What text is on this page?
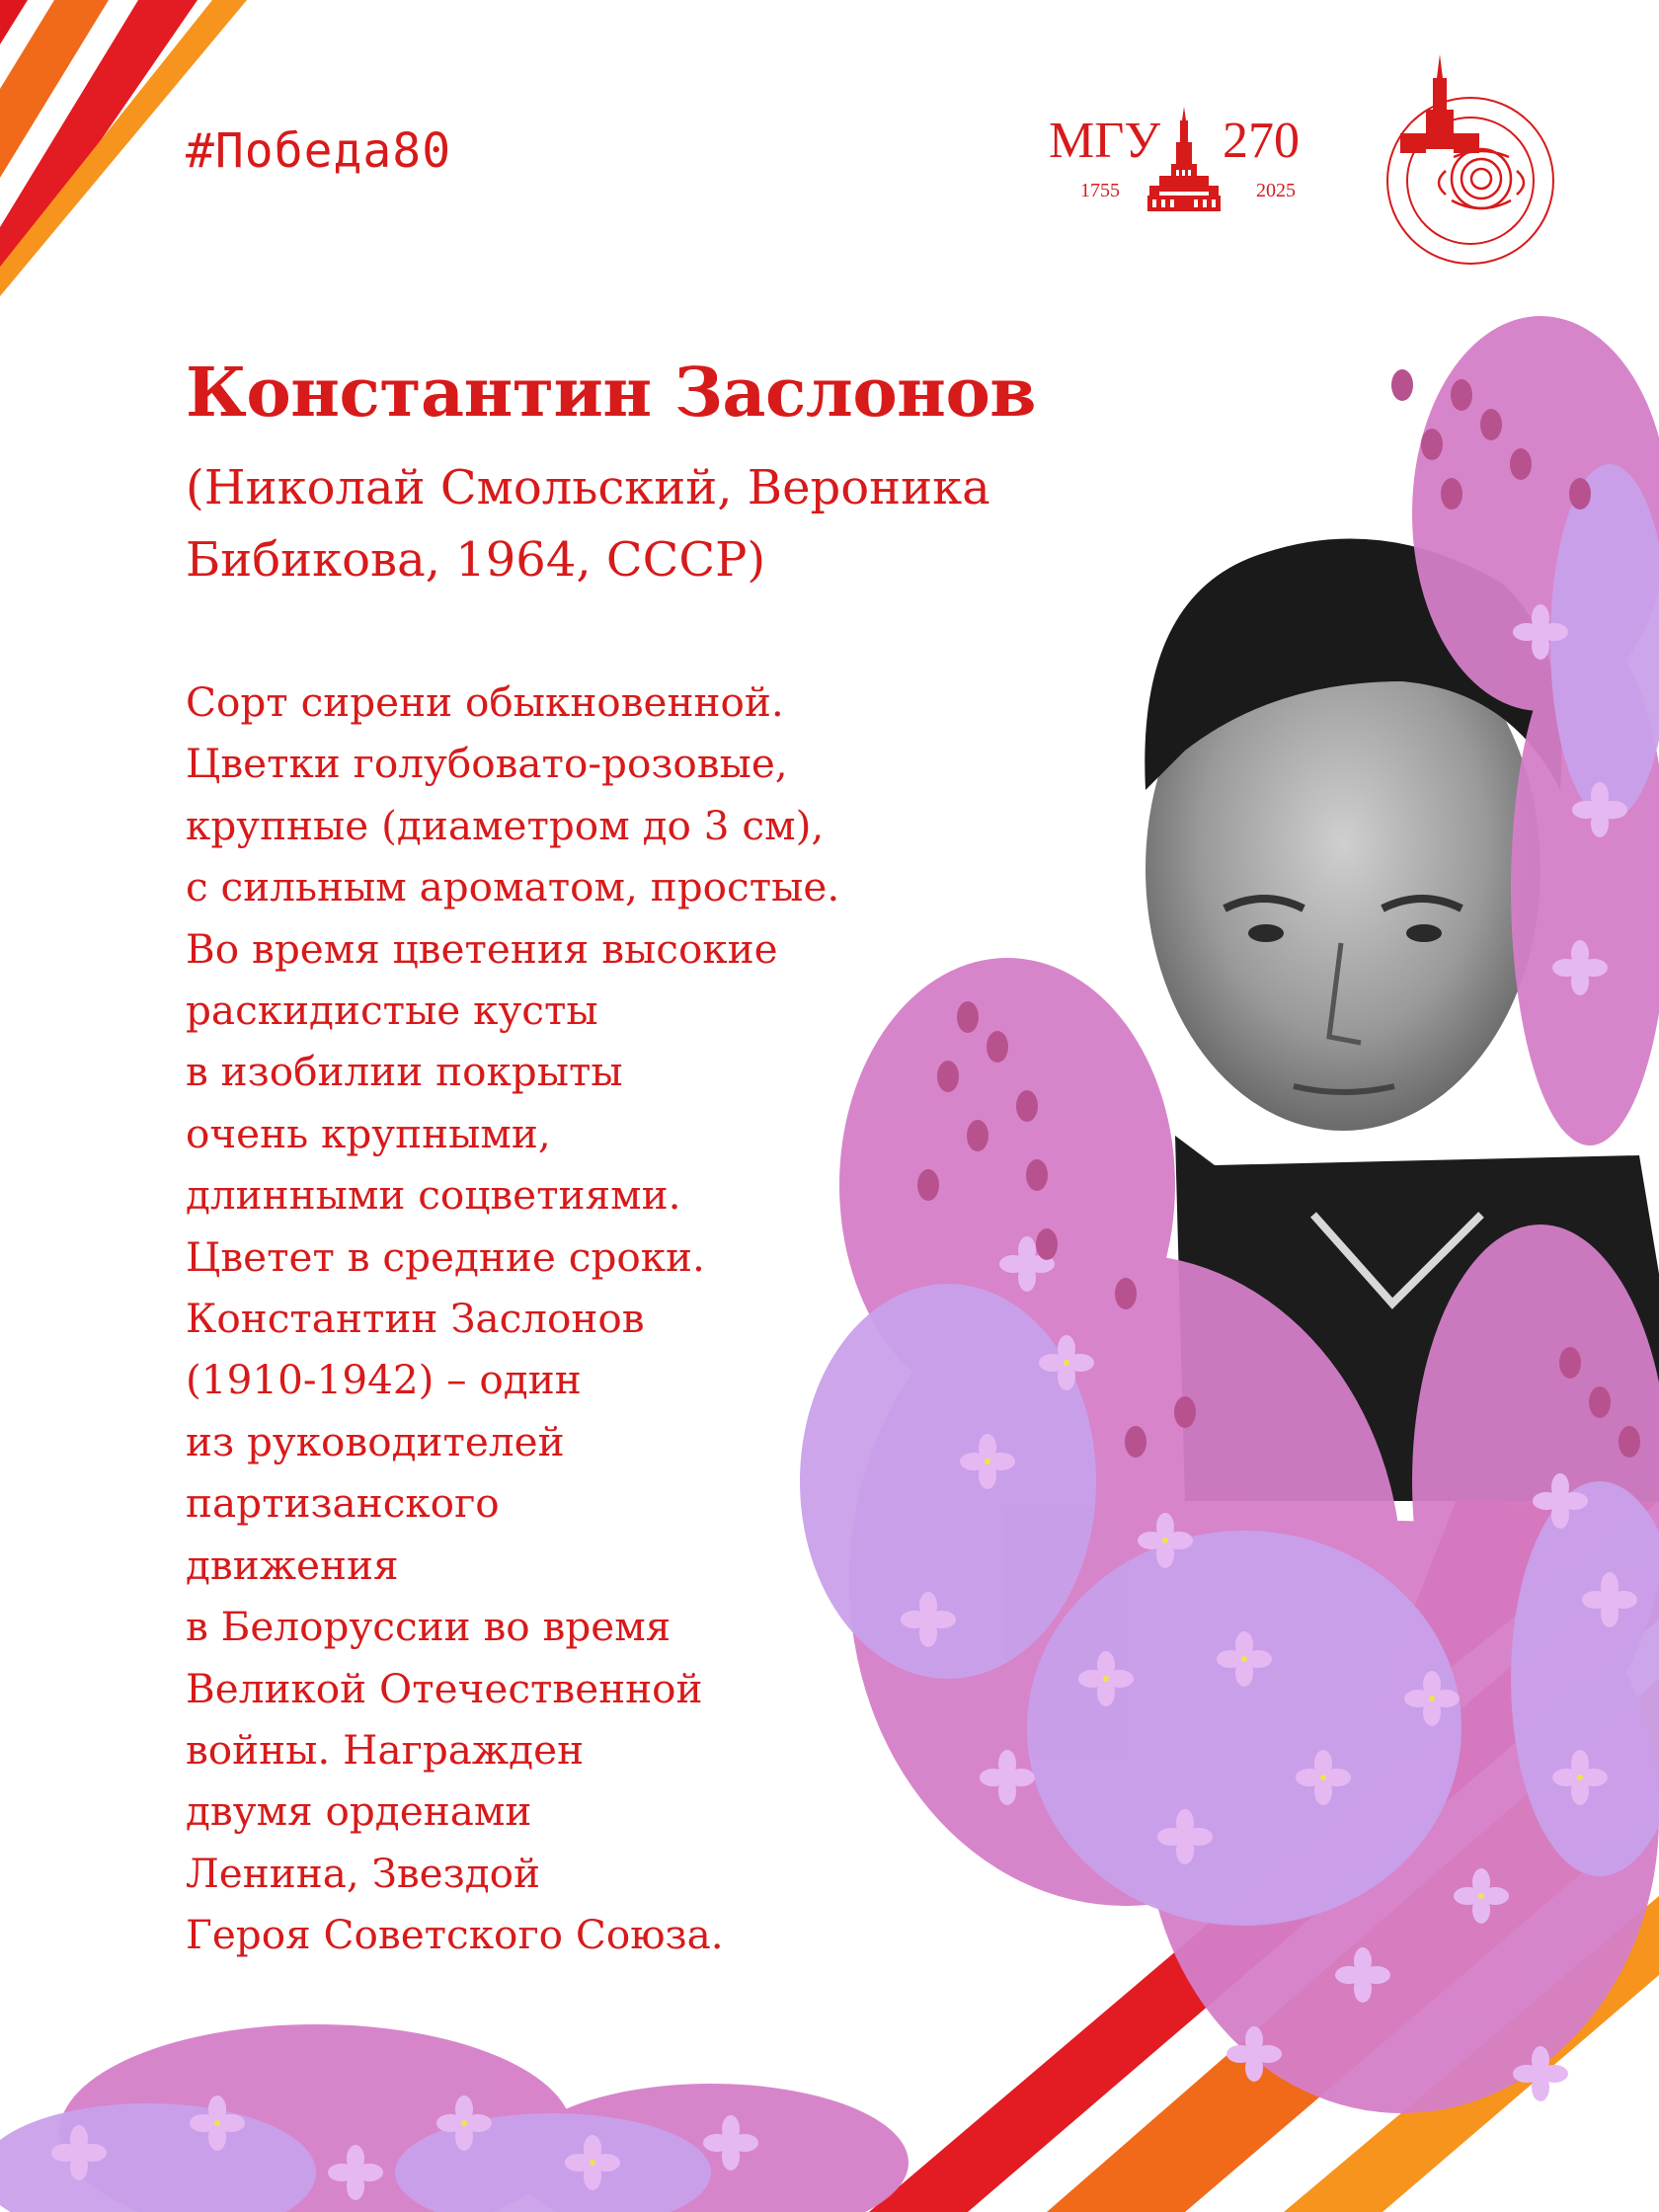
#Победа80	МГУ 270
1755	2025
Константин Заслонов
(Николай Смольский, Вероника Бибикова, 1964, СССР)
Сорт сирени обыкновенной.
Цветки голубовато-розовые,
крупные (диаметром до 3 см),
с сильным ароматом, простые.
Во время цветения высокие
раскидистые кусты
в изобилии покрыты
очень крупными,
длинными соцветиями.
Цветет в средние сроки.
Константин Заслонов
(1910-1942) – один
из руководителей
партизанского
движения
в Белоруссии во время
Великой Отечественной
войны. Награжден
двумя орденами
Ленина, Звездой
Героя Советского Союза.
